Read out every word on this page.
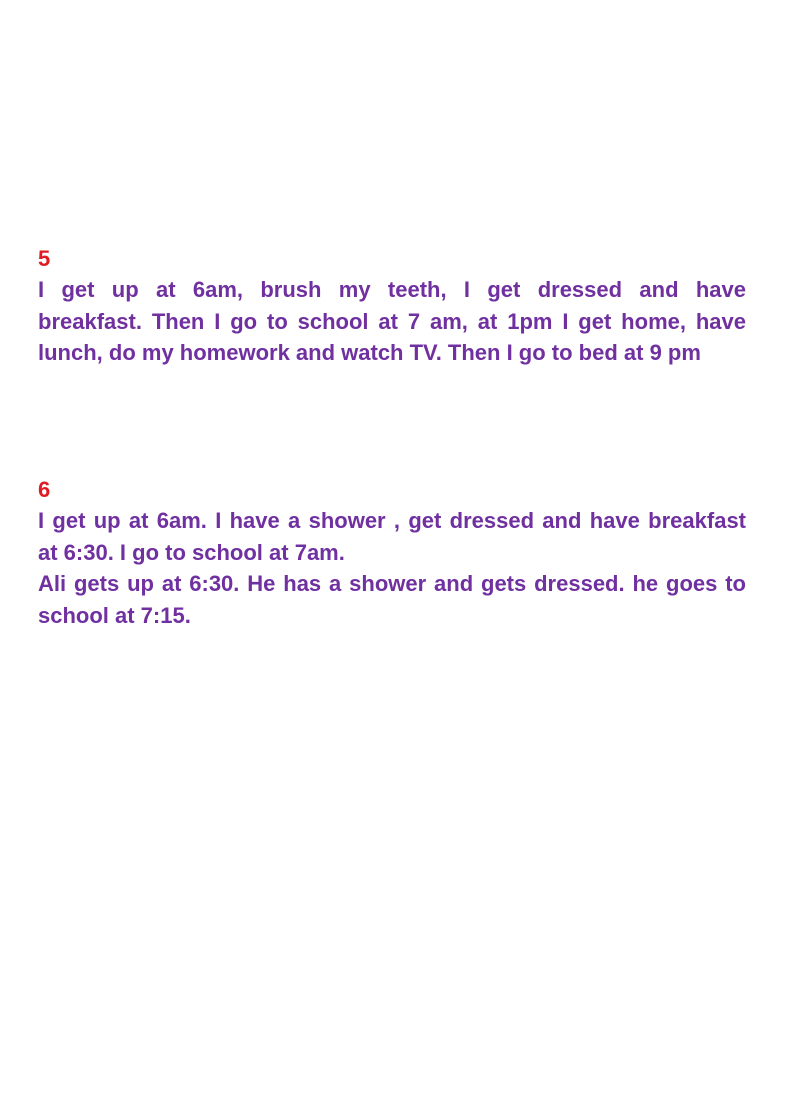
5

I get up at 6am, brush my teeth, I get dressed and have
breakfast. Then I go to school at 7 am, at 1pm I get home, have
lunch, do my homework and watch TV. Then I go to bed at 9 pm

6

I get up at 6am. I have a shower , get dressed and have breakfast
at 6:30. I go to school at 7am.
Ali gets up at 6:30. He has a shower and gets dressed. he goes to
school at 7:15.
